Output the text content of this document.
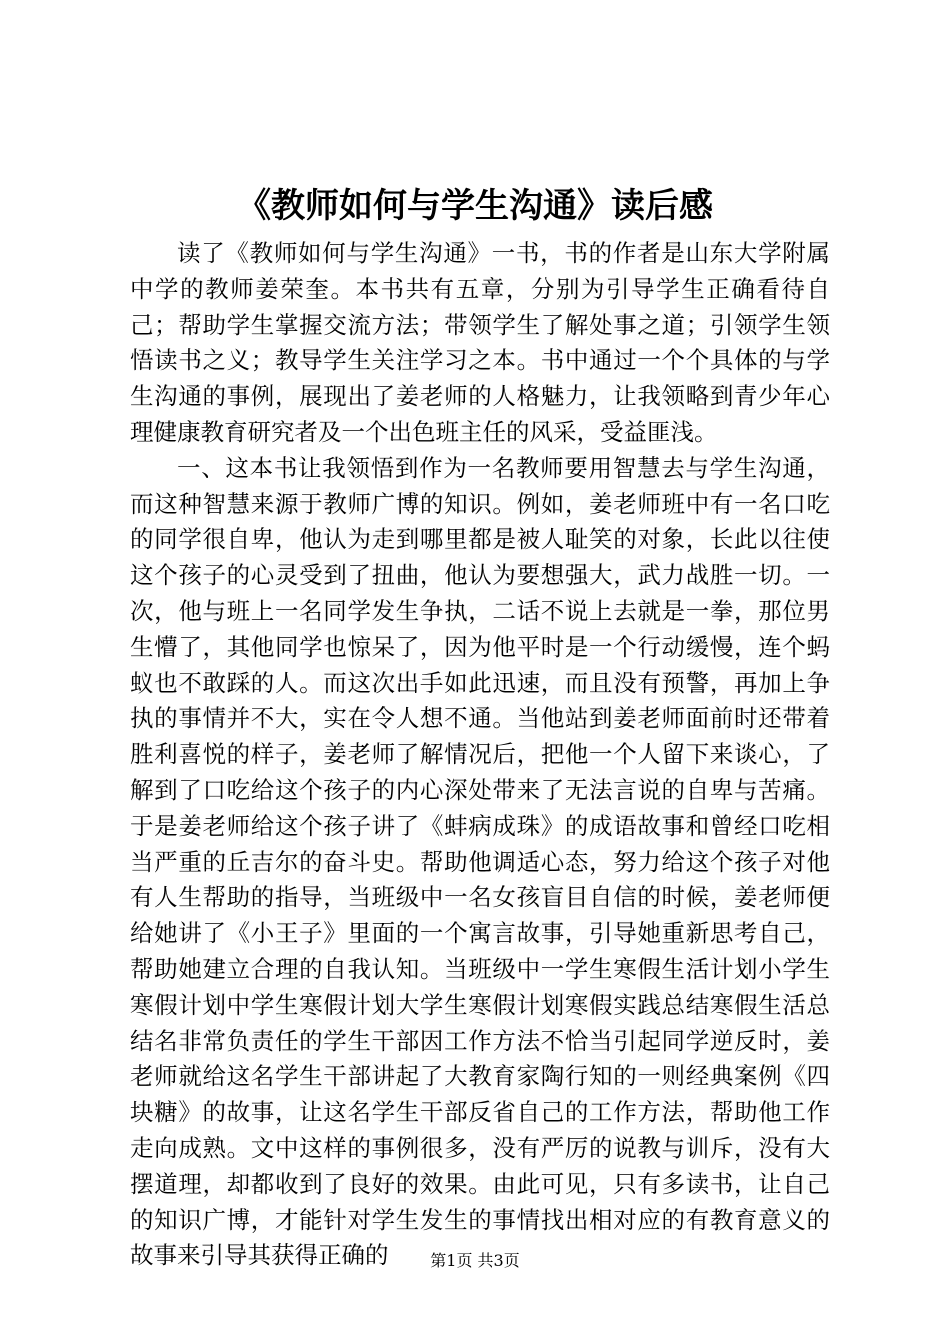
《教师如何与学生沟通》读后感

读了《教师如何与学生沟通》一书，书的作者是山东大学附属中学的教师姜荣奎。本书共有五章，分别为引导学生正确看待自己；帮助学生掌握交流方法；带领学生了解处事之道；引领学生领悟读书之义；教导学生关注学习之本。书中通过一个个具体的与学生沟通的事例，展现出了姜老师的人格魅力，让我领略到青少年心理健康教育研究者及一个出色班主任的风采，受益匪浅。

一、这本书让我领悟到作为一名教师要用智慧去与学生沟通，而这种智慧来源于教师广博的知识。例如，姜老师班中有一名口吃的同学很自卑，他认为走到哪里都是被人耻笑的对象，长此以往使这个孩子的心灵受到了扭曲，他认为要想强大，武力战胜一切。一次，他与班上一名同学发生争执，二话不说上去就是一拳，那位男生懵了，其他同学也惊呆了，因为他平时是一个行动缓慢，连个蚂蚁也不敢踩的人。而这次出手如此迅速，而且没有预警，再加上争执的事情并不大，实在令人想不通。当他站到姜老师面前时还带着胜利喜悦的样子，姜老师了解情况后，把他一个人留下来谈心，了解到了口吃给这个孩子的内心深处带来了无法言说的自卑与苦痛。于是姜老师给这个孩子讲了《蚌病成珠》的成语故事和曾经口吃相当严重的丘吉尔的奋斗史。帮助他调适心态，努力给这个孩子对他有人生帮助的指导，当班级中一名女孩盲目自信的时候，姜老师便给她讲了《小王子》里面的一个寓言故事，引导她重新思考自己，帮助她建立合理的自我认知。当班级中一学生寒假生活计划小学生寒假计划中学生寒假计划大学生寒假计划寒假实践总结寒假生活总结名非常负责任的学生干部因工作方法不恰当引起同学逆反时，姜老师就给这名学生干部讲起了大教育家陶行知的一则经典案例《四块糖》的故事，让这名学生干部反省自己的工作方法，帮助他工作走向成熟。文中这样的事例很多，没有严厉的说教与训斥，没有大摆道理，却都收到了良好的效果。由此可见，只有多读书，让自己的知识广博，才能针对学生发生的事情找出相对应的有教育意义的故事来引导其获得正确的	第1页 共3页
